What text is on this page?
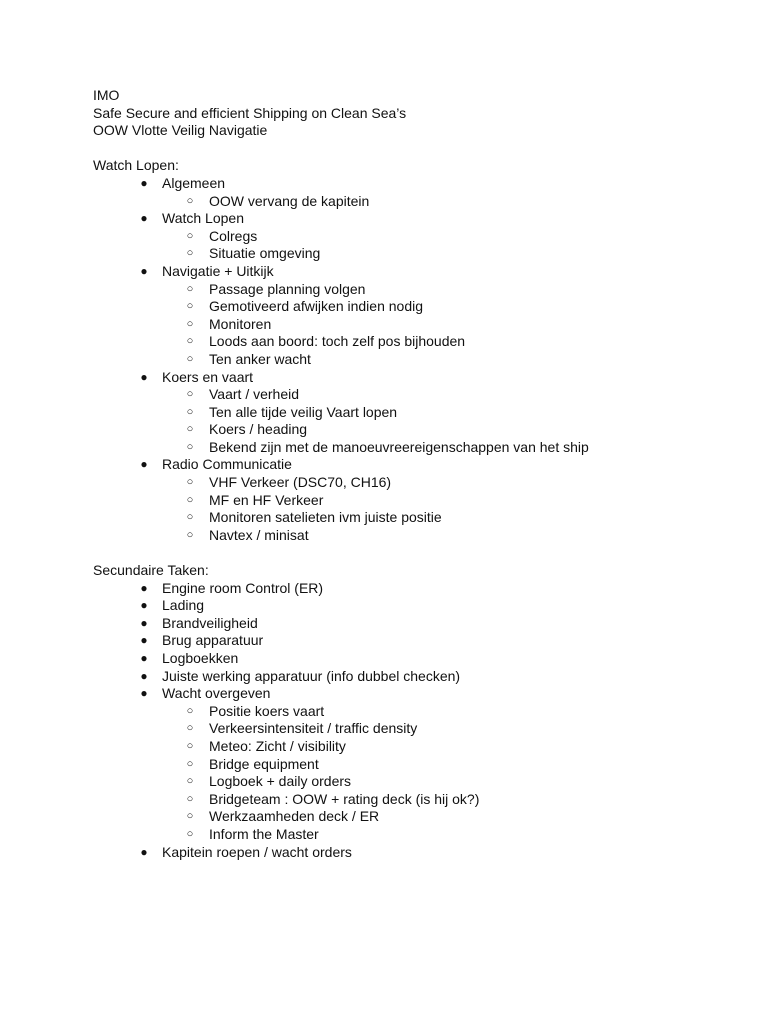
IMO
Safe Secure and efficient Shipping on Clean Sea’s
OOW Vlotte Veilig Navigatie
Watch Lopen:
● Algemeen
○ OOW vervang de kapitein
● Watch Lopen
○ Colregs
○ Situatie omgeving
● Navigatie + Uitkijk
○ Passage planning volgen
○ Gemotiveerd afwijken indien nodig
○ Monitoren
○ Loods aan boord: toch zelf pos bijhouden
○ Ten anker wacht
● Koers en vaart
○ Vaart / verheid
○ Ten alle tijde veilig Vaart lopen
○ Koers / heading
○ Bekend zijn met de manoeuvreereigenschappen van het ship
● Radio Communicatie
○ VHF Verkeer (DSC70, CH16)
○ MF en HF Verkeer
○ Monitoren satelieten ivm juiste positie
○ Navtex / minisat
Secundaire Taken:
● Engine room Control (ER)
● Lading
● Brandveiligheid
● Brug apparatuur
● Logboekken
● Juiste werking apparatuur (info dubbel checken)
● Wacht overgeven
○ Positie koers vaart
○ Verkeersintensiteit / traffic density
○ Meteo: Zicht / visibility
○ Bridge equipment
○ Logboek + daily orders
○ Bridgeteam : OOW + rating deck (is hij ok?)
○ Werkzaamheden deck / ER
○ Inform the Master
● Kapitein roepen / wacht orders
